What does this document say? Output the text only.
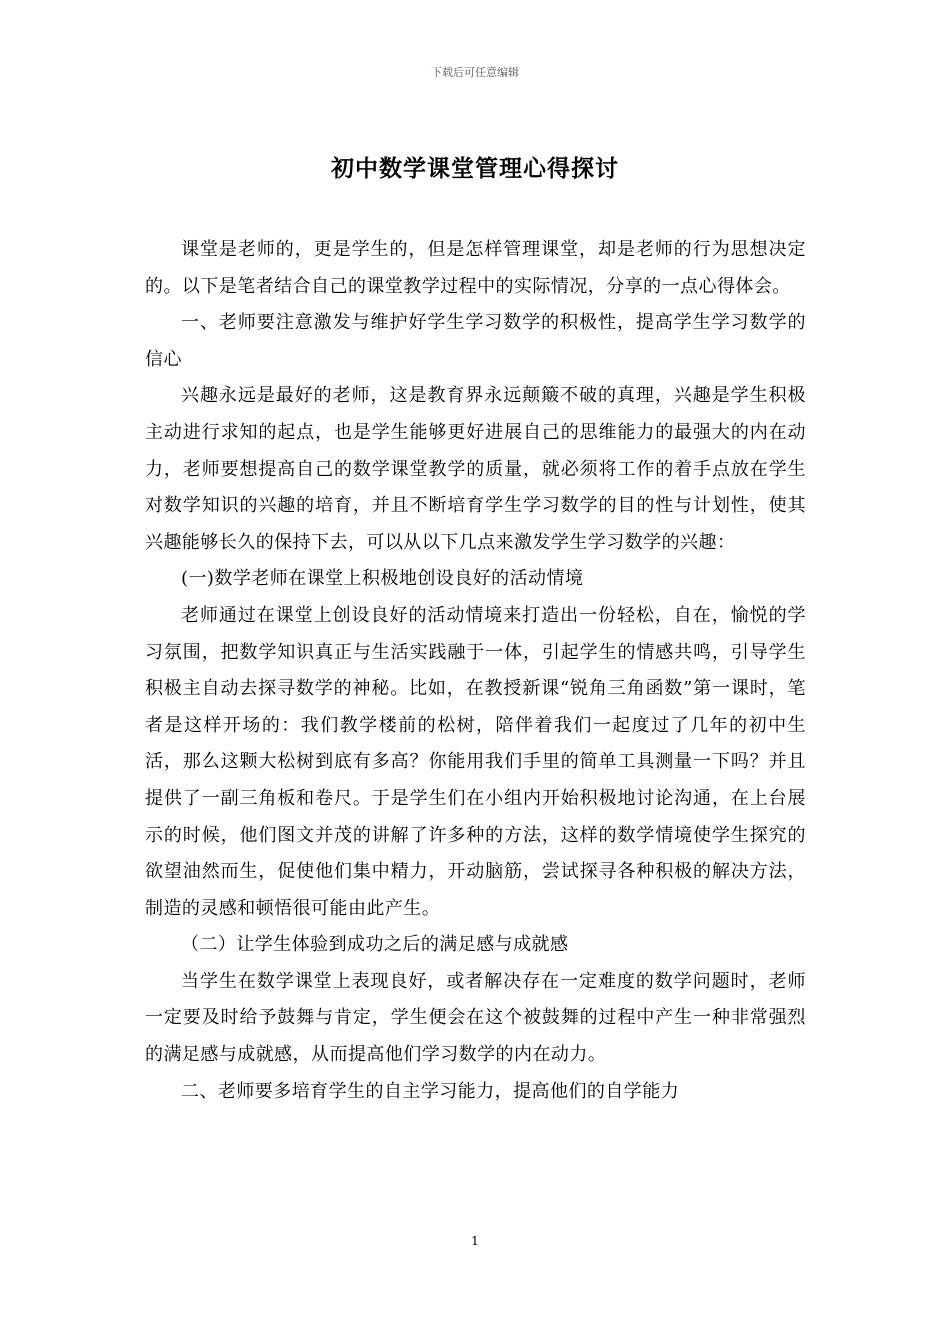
下载后可任意编辑
初中数学课堂管理心得探讨

课堂是老师的，更是学生的，但是怎样管理课堂，却是老师的行为思想决定的。以下是笔者结合自己的课堂教学过程中的实际情况，分享的一点心得体会。

一、老师要注意激发与维护好学生学习数学的积极性，提高学生学习数学的信心

兴趣永远是最好的老师，这是教育界永远颠簸不破的真理，兴趣是学生积极主动进行求知的起点，也是学生能够更好进展自己的思维能力的最强大的内在动力，老师要想提高自己的数学课堂教学的质量，就必须将工作的着手点放在学生对数学知识的兴趣的培育，并且不断培育学生学习数学的目的性与计划性，使其兴趣能够长久的保持下去，可以从以下几点来激发学生学习数学的兴趣：

(一)数学老师在课堂上积极地创设良好的活动情境

老师通过在课堂上创设良好的活动情境来打造出一份轻松，自在，愉悦的学习氛围，把数学知识真正与生活实践融于一体，引起学生的情感共鸣，引导学生积极主自动去探寻数学的神秘。比如，在教授新课“锐角三角函数”第一课时，笔者是这样开场的：我们教学楼前的松树，陪伴着我们一起度过了几年的初中生活，那么这颗大松树到底有多高？你能用我们手里的简单工具测量一下吗？并且提供了一副三角板和卷尺。于是学生们在小组内开始积极地讨论沟通，在上台展示的时候，他们图文并茂的讲解了许多种的方法，这样的数学情境使学生探究的欲望油然而生，促使他们集中精力，开动脑筋，尝试探寻各种积极的解决方法，制造的灵感和顿悟很可能由此产生。

（二）让学生体验到成功之后的满足感与成就感

当学生在数学课堂上表现良好，或者解决存在一定难度的数学问题时，老师一定要及时给予鼓舞与肯定，学生便会在这个被鼓舞的过程中产生一种非常强烈的满足感与成就感，从而提高他们学习数学的内在动力。

二、老师要多培育学生的自主学习能力，提高他们的自学能力

1
